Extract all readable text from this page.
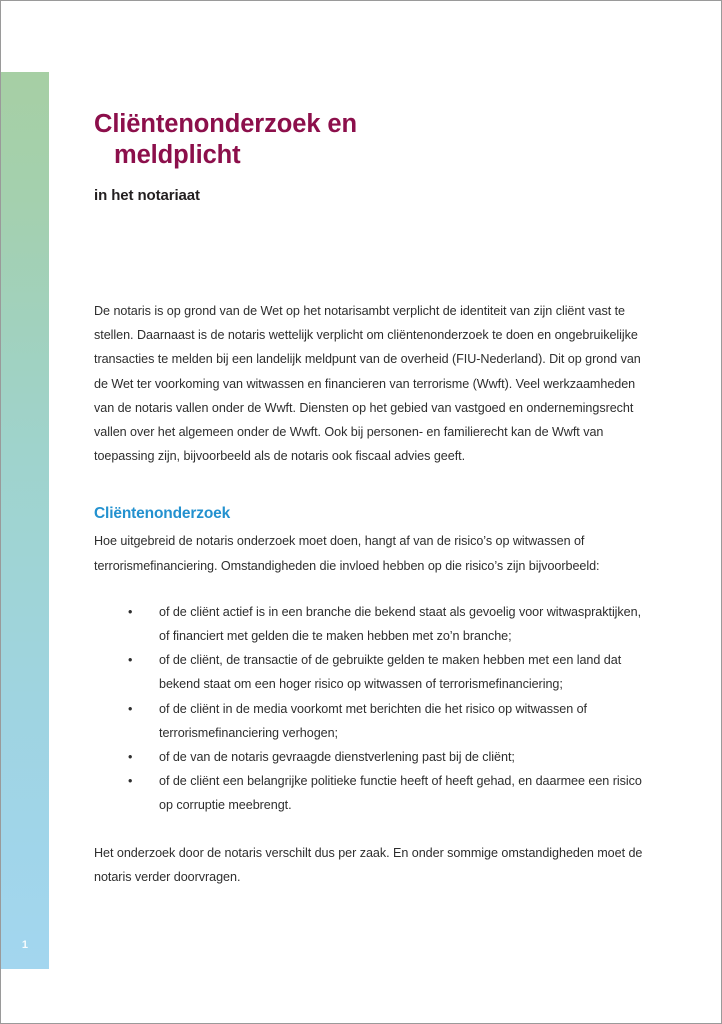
1
Cliëntenonderzoek en
meldplicht
in het notariaat

De notaris is op grond van de Wet op het notarisambt verplicht de identiteit van zijn cliënt vast te stellen. Daarnaast is de notaris wettelijk verplicht om cliëntenonderzoek te doen en ongebruikelijke transacties te melden bij een landelijk meldpunt van de overheid (FIU-Nederland). Dit op grond van de Wet ter voorkoming van witwassen en financieren van terrorisme (Wwft). Veel werkzaamheden van de notaris vallen onder de Wwft. Diensten op het gebied van vastgoed en ondernemingsrecht vallen over het algemeen onder de Wwft. Ook bij personen- en familierecht kan de Wwft van toepassing zijn, bijvoorbeeld als de notaris ook fiscaal advies geeft.

Cliëntenonderzoek

Hoe uitgebreid de notaris onderzoek moet doen, hangt af van de risico’s op witwassen of terrorismefinanciering. Omstandigheden die invloed hebben op die risico’s zijn bijvoorbeeld:

• of de cliënt actief is in een branche die bekend staat als gevoelig voor witwaspraktijken, of financiert met gelden die te maken hebben met zo’n branche;
• of de cliënt, de transactie of de gebruikte gelden te maken hebben met een land dat bekend staat om een hoger risico op witwassen of terrorismefinanciering;
• of de cliënt in de media voorkomt met berichten die het risico op witwassen of terrorismefinanciering verhogen;
• of de van de notaris gevraagde dienstverlening past bij de cliënt;
• of de cliënt een belangrijke politieke functie heeft of heeft gehad, en daarmee een risico op corruptie meebrengt.

Het onderzoek door de notaris verschilt dus per zaak. En onder sommige omstandigheden moet de notaris verder doorvragen.
